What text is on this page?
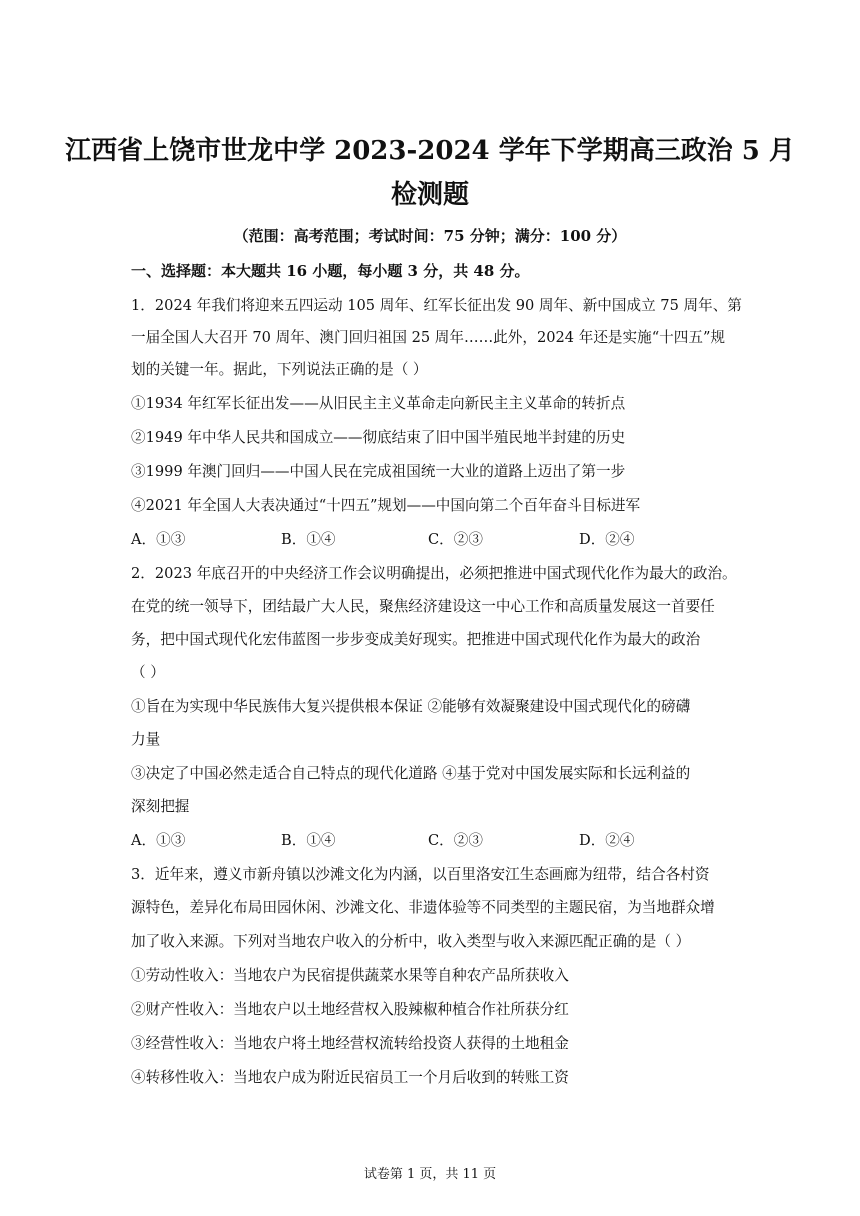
江西省上饶市世龙中学 2023-2024 学年下学期高三政治 5 月
检测题
（范围：高考范围；考试时间：75 分钟；满分：100 分）
一、选择题：本大题共 16 小题，每小题 3 分，共 48 分。
1．2024 年我们将迎来五四运动 105 周年、红军长征出发 90 周年、新中国成立 75 周年、第
一届全国人大召开 70 周年、澳门回归祖国 25 周年……此外，2024 年还是实施“十四五”规
划的关键一年。据此，下列说法正确的是（ ）
①1934 年红军长征出发——从旧民主主义革命走向新民主主义革命的转折点
②1949 年中华人民共和国成立——彻底结束了旧中国半殖民地半封建的历史
③1999 年澳门回归——中国人民在完成祖国统一大业的道路上迈出了第一步
④2021 年全国人大表决通过“十四五”规划——中国向第二个百年奋斗目标进军
A．①③	B．①④	C．②③	D．②④
2．2023 年底召开的中央经济工作会议明确提出，必须把推进中国式现代化作为最大的政治。
在党的统一领导下，团结最广大人民，聚焦经济建设这一中心工作和高质量发展这一首要任
务，把中国式现代化宏伟蓝图一步步变成美好现实。把推进中国式现代化作为最大的政治
（ ）
①旨在为实现中华民族伟大复兴提供根本保证 ②能够有效凝聚建设中国式现代化的磅礴
力量
③决定了中国必然走适合自己特点的现代化道路 ④基于党对中国发展实际和长远利益的
深刻把握
A．①③	B．①④	C．②③	D．②④
3．近年来，遵义市新舟镇以沙滩文化为内涵，以百里洛安江生态画廊为纽带，结合各村资
源特色，差异化布局田园休闲、沙滩文化、非遗体验等不同类型的主题民宿，为当地群众增
加了收入来源。下列对当地农户收入的分析中，收入类型与收入来源匹配正确的是（ ）
①劳动性收入：当地农户为民宿提供蔬菜水果等自种农产品所获收入
②财产性收入：当地农户以土地经营权入股辣椒种植合作社所获分红
③经营性收入：当地农户将土地经营权流转给投资人获得的土地租金
④转移性收入：当地农户成为附近民宿员工一个月后收到的转账工资
试卷第 1 页，共 11 页
